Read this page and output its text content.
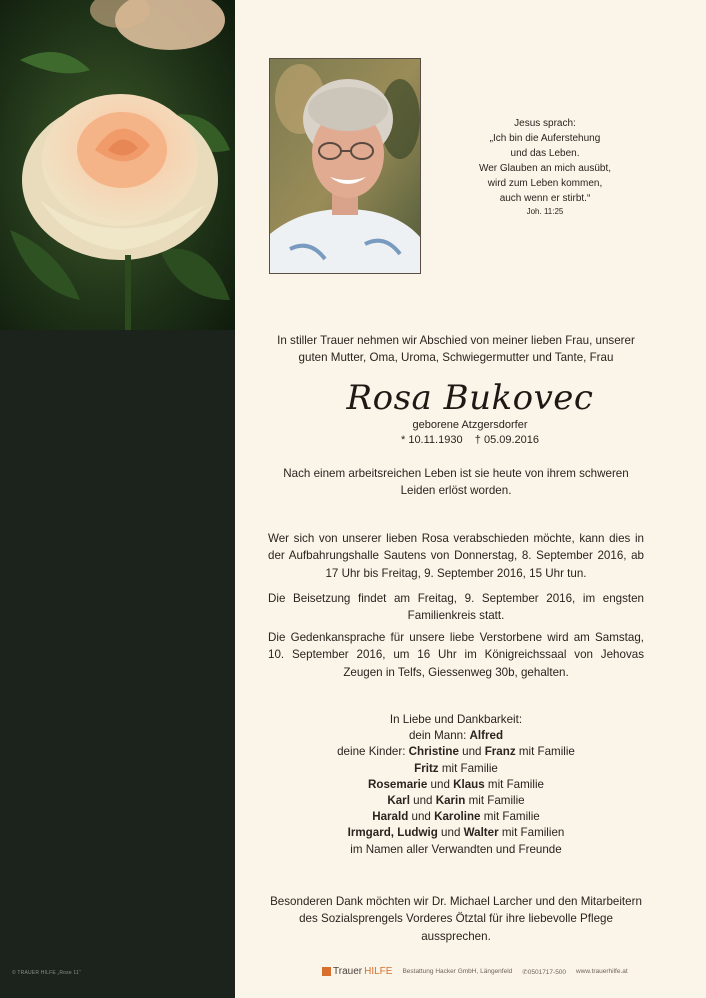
© TRAUER HILFE „Rose 11“
Jesus sprach:
„Ich bin die Auferstehung
und das Leben.
Wer Glauben an mich ausübt,
wird zum Leben kommen,
auch wenn er stirbt.“
Joh. 11:25
In stiller Trauer nehmen wir Abschied von meiner lieben Frau, unserer guten Mutter, Oma, Uroma, Schwiegermutter und Tante, Frau
Rosa Bukovec
geborene Atzgersdorfer
* 10.11.1930    † 05.09.2016
Nach einem arbeitsreichen Leben ist sie heute von ihrem schweren Leiden erlöst worden.
Wer sich von unserer lieben Rosa verabschieden möchte, kann dies in der Aufbahrungshalle Sautens von Donnerstag, 8. September 2016, ab 17 Uhr bis Freitag, 9. September 2016, 15 Uhr tun.
Die Beisetzung findet am Freitag, 9. September 2016, im engsten Familienkreis statt.
Die Gedenkansprache für unsere liebe Verstorbene wird am Samstag, 10. September 2016, um 16 Uhr im Königreichssaal von Jehovas Zeugen in Telfs, Giessenweg 30b, gehalten.
In Liebe und Dankbarkeit:
dein Mann: Alfred
deine Kinder: Christine und Franz mit Familie
Fritz mit Familie
Rosemarie und Klaus mit Familie
Karl und Karin mit Familie
Harald und Karoline mit Familie
Irmgard, Ludwig und Walter mit Familien
im Namen aller Verwandten und Freunde
Besonderen Dank möchten wir Dr. Michael Larcher und den Mitarbeitern des Sozialsprengels Vorderes Ötztal für ihre liebevolle Pflege aussprechen.
Trauer HILFE Bestattung Hacker GmbH, Längenfeld ✆0501717-500 www.trauerhilfe.at
